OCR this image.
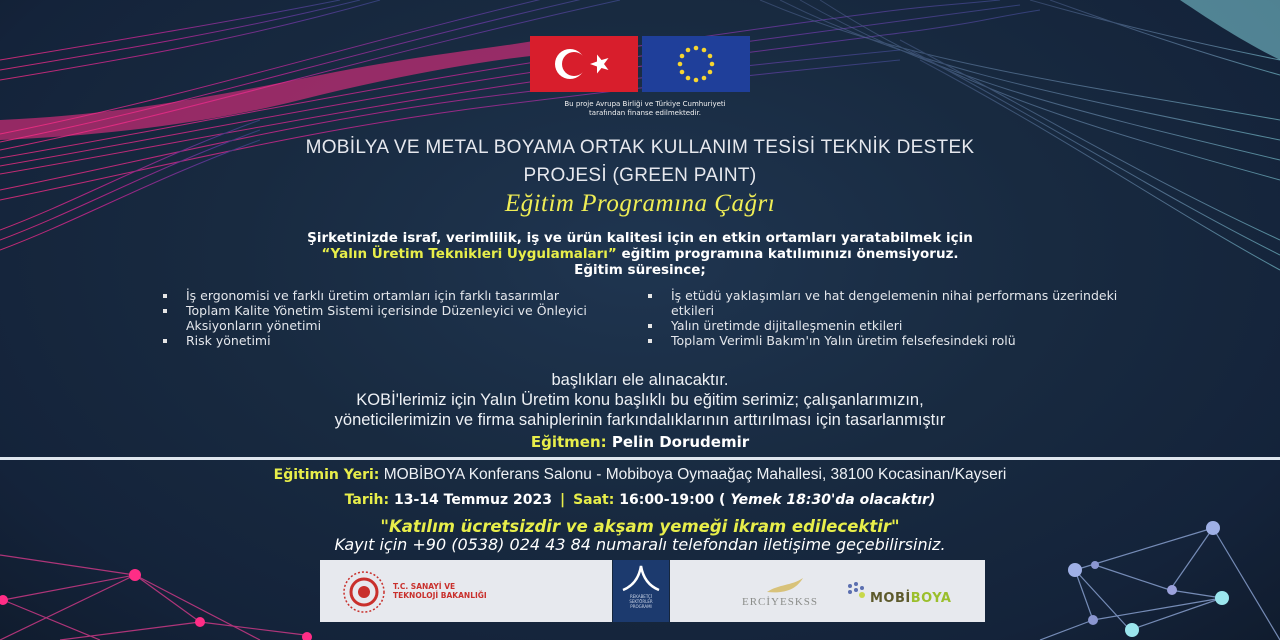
Bu proje Avrupa Birliği ve Türkiye Cumhuriyeti
tarafından finanse edilmektedir.
MOBİLYA VE METAL BOYAMA ORTAK KULLANIM TESİSİ TEKNİK DESTEK
PROJESİ (GREEN PAINT)
Eğitim Programına Çağrı
Şirketinizde israf, verimlilik, iş ve ürün kalitesi için en etkin ortamları yaratabilmek için
“Yalın Üretim Teknikleri Uygulamaları” eğitim programına katılımınızı önemsiyoruz.
Eğitim süresince;
İş ergonomisi ve farklı üretim ortamları için farklı tasarımlar
Toplam Kalite Yönetim Sistemi içerisinde Düzenleyici ve Önleyici Aksiyonların yönetimi
Risk yönetimi
İş etüdü yaklaşımları ve hat dengelemenin nihai performans üzerindeki etkileri
Yalın üretimde dijitalleşmenin etkileri
Toplam Verimli Bakım'ın Yalın üretim felsefesindeki rolü
başlıkları ele alınacaktır.
KOBİ'lerimiz için Yalın Üretim konu başlıklı bu eğitim serimiz; çalışanlarımızın,
yöneticilerimizin ve firma sahiplerinin farkındalıklarının arttırılması için tasarlanmıştır
Eğitmen: Pelin Dorudemir
Eğitimin Yeri: MOBİBOYA Konferans Salonu - Mobiboya Oymaağaç Mahallesi, 38100 Kocasinan/Kayseri
Tarih: 13-14 Temmuz 2023 | Saat: 16:00-19:00 ( Yemek 18:30'da olacaktır)
"Katılım ücretsizdir ve akşam yemeği ikram edilecektir"
Kayıt için +90 (0538) 024 43 84 numaralı telefondan iletişime geçebilirsiniz.
T.C. SANAYİ VE
TEKNOLOJİ BAKANLIĞI	REKABETÇİ SEKTÖRLER PROGRAMI	ERCİYESKSS	MOBİBOYA
